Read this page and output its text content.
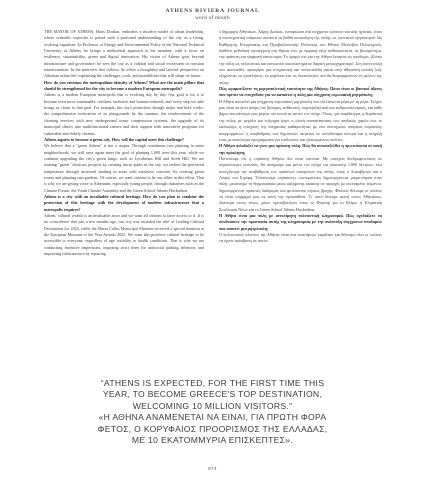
ATHENS RIVIERA JOURNAL
word of mouth

THE MAYOR OF ATHENS, Haris Doukas, embodies a modern model of urban leadership, where scientific expertise is paired with a profound understanding of the city as a living, evolving organism. As Professor of Energy and Environmental Policy at the National Technical University of Athens, he brings a methodical approach to his mandate, with a focus on resilience, sustainability, green and digital innovation. His vision of Athens goes beyond infrastructure and governance: he sees the city as a cultural and social ecosystem in constant transformation. In the interview that follows, he offers a thoughtful and layered perspective on Athenian urban life, explaining the challenges, tools, and possibilities that will shape its future.

How do you envision the metropolitan identity of Athens? What are the main pillars that should be strengthened for the city to become a modern European metropolis?

Athens is a modern European metropolis that is evolving day by day. Our goal is for it to become even more sustainable, resilient, inclusive and human-centered, and every step we take brings us closer to that goal. For example, the city's protection through major and bold works, the comprehensive restoration of its playgrounds by the summer, the reinforcement of the cleaning services with new underground waste compression systems, the upgrade of its municipal clinics into multifunctional centers and their support with innovative programs for vulnerable and elderly citizens.

Athens aspires to become a green city. How will the capital meet this challenge?

We believe that a "green Athens" is not a utopia. Through continuous tree planting in more neighborhoods, we will once again meet the goal of planting 1,000 trees this year, while we continue upgrading the city's green lungs, such as Lycabettus Hill and Strefi Hill. We are running "green" shortcuts projects by creating micro-parks in the city, we reduce the perceived temperature through increased shading in areas with extensive concrete, by creating green routes and planting rain gardens. Of course, we want citizens to be our allies in this effort. That is why we are giving voice to Athenians, especially young people, through initiatives such as the Climate Forum, the Youth Climate Assembly and the Green School Athens Hackathon.

Athens is a city with an invaluable cultural heritage. How do you plan to combine the protection of this heritage with the development of modern infrastructure that a metropolis requires?

Athens' cultural wealth is an invaluable asset and we want all citizens to have access to it. It is no coincidence that just a few months ago, our city was awarded the title of Leading Cultural Destination for 2025, while the Maria Callas Municipal Museum received a special mention at the European Museum of the Year Awards 2025. We want this priceless cultural heritage to be accessible to everyone, regardless of age, mobility or health conditions. That is why we are conducting intensive inspections, imposing strict fines for antisocial parking behavior, and improving infrastructure by repairing

ο δήμαρχος Αθηναίων, Χάρης Δούκας, ενσαρκώνει ένα σύγχρονο πρότυπο αστικής ηγεσίας, όπου η επιστημονική επάρκεια συναντά τη βαθιά κατανόηση της πόλης ως ζωντανού οργανισμού. Ως Καθηγητής Ενεργειακής και Περιβαλλοντικής Πολιτικής στο Εθνικό Μετσόβιο Πολυτεχνείο, διαθέτει μεθοδική προσέγγιση στη θητεία του, με έμφαση στην ανθεκτικότητα, τη βιωσιμότητα, την πράσινη και ψηφιακή καινοτομία. Το όραμά του για την Αθήνα ξεπερνά τις υποδομές: βλέπει την πόλη ως πολιτιστικό και κοινωνικό οικοσύστημα σε διαρκή μετασχηματισμό. Στη συνέντευξη που ακολουθεί, προσφέρει μια στοχαστική και πολυεπίπεδη ματιά στην αθηναϊκή αστική ζωή, εξηγώντας τις προκλήσεις, τα εργαλεία και τις δυνατότητες που θα διαμορφώσουν το μέλλον της πόλης.

Πώς οραματίζεστε τη μητροπολιτική ταυτότητα της Αθήνας; Ποιοι είναι οι βασικοί άξονες που πρέπει να ενισχυθούν για να καταστεί η πόλη μια σύγχρονη ευρωπαϊκή μητρόπολη;

Η Αθήνα αποτελεί μία σύγχρονη ευρωπαϊκή μητρόπολη που εξελίσσεται μέρα με τη μέρα. Στόχος μας είναι να γίνει ακόμη πιο βιώσιμη, ανθεκτική, συμπεριληπτική και ανθρωποκεντρική, και κάθε βήμα που κάνουμε μας φέρνει πιο κοντά σε αυτόν τον στόχο. Όπως, για παράδειγμα, η θωράκιση της πόλης με μεγάλα και τολμηρά έργα, η ολική αποκατάσταση των παιδικών χαρών έως το καλοκαίρι, η ενίσχυση της υπηρεσίας καθαριότητας με νέα συστήματα υπόγειας συμπίεσης απορριμμάτων, η αναβάθμιση των δημοτικών ιατρείων σε πολυδύναμα κέντρα και η στήριξή τους με καινοτόμα προγράμματα για ευάλωτους και ηλικιωμένους πολίτες.

Η Αθήνα φιλοδοξεί να γίνει μια πράσινη πόλη. Πώς θα ανταπεξέλθει η πρωτεύουσα σε αυτή την πρόκληση;

Πιστεύουμε ότι η «πράσινη Αθήνα» δεν είναι ουτοπία. Με συνεχείς δενδροφυτεύσεις σε περισσότερες γειτονιές, θα πετύχουμε και φέτος τον στόχο της φύτευσης 1.000 δέντρων, ενώ συνεχίζουμε την αναβάθμιση των πράσινων πνευμόνων της πόλης, όπως ο Λυκαβηττός και ο Λόφος του Στρέφη. Υλοποιούμε «πράσινες» συντομεύσεις δημιουργώντας μικρο-πάρκα στην πόλη, μειώνουμε τη θερμοκρασία μέσω αυξημένης σκίασης σε περιοχές με εκτεταμένο τσιμέντο, δημιουργώντας πράσινες διαδρομές και φυτεύοντας κήπους βροχής. Φυσικά, θέλουμε οι πολίτες να είναι σύμμαχοί μας σε αυτή την προσπάθεια. Γι' αυτό δίνουμε φωνή στους Αθηναίους, ιδιαίτερα στους νέους, μέσω πρωτοβουλιών όπως το Φόρουμ για το Κλίμα, η Κλιματική Συνέλευση Νέων και το Green School Athens Hackathon.

Η Αθήνα είναι μια πόλη με ανεκτίμητη πολιτιστική κληρονομιά. Πώς σχεδιάζετε να συνδυάσετε την προστασία αυτής της κληρονομιάς με την ανάπτυξη σύγχρονων υποδομών που απαιτεί μια μητρόπολη;

Ο πολιτιστικός πλούτος της Αθήνας είναι ένα ανεκτίμητο κεφάλαιο και θέλουμε όλοι οι πολίτες να έχουν πρόσβαση σε αυτόν.

“ATHENS IS EXPECTED, FOR THE FIRST TIME THIS
YEAR, TO BECOME GREECE'S TOP DESTINATION,
WELCOMING 10 MILLION VISITORS.”
«Η ΑΘΗΝΑ ΑΝΑΜΕΝΕΤΑΙ ΝΑ ΕΙΝΑΙ, ΓΙΑ ΠΡΩΤΗ ΦΟΡΑ
ΦΕΤΟΣ, Ο ΚΟΡΥΦΑΙΟΣ ΠΡΟΟΡΙΣΜΟΣ ΤΗΣ ΕΛΛΑΔΑΣ,
ΜΕ 10 ΕΚΑΤΟΜΜΥΡΙΑ ΕΠΙΣΚΕΠΤΕΣ».
974
